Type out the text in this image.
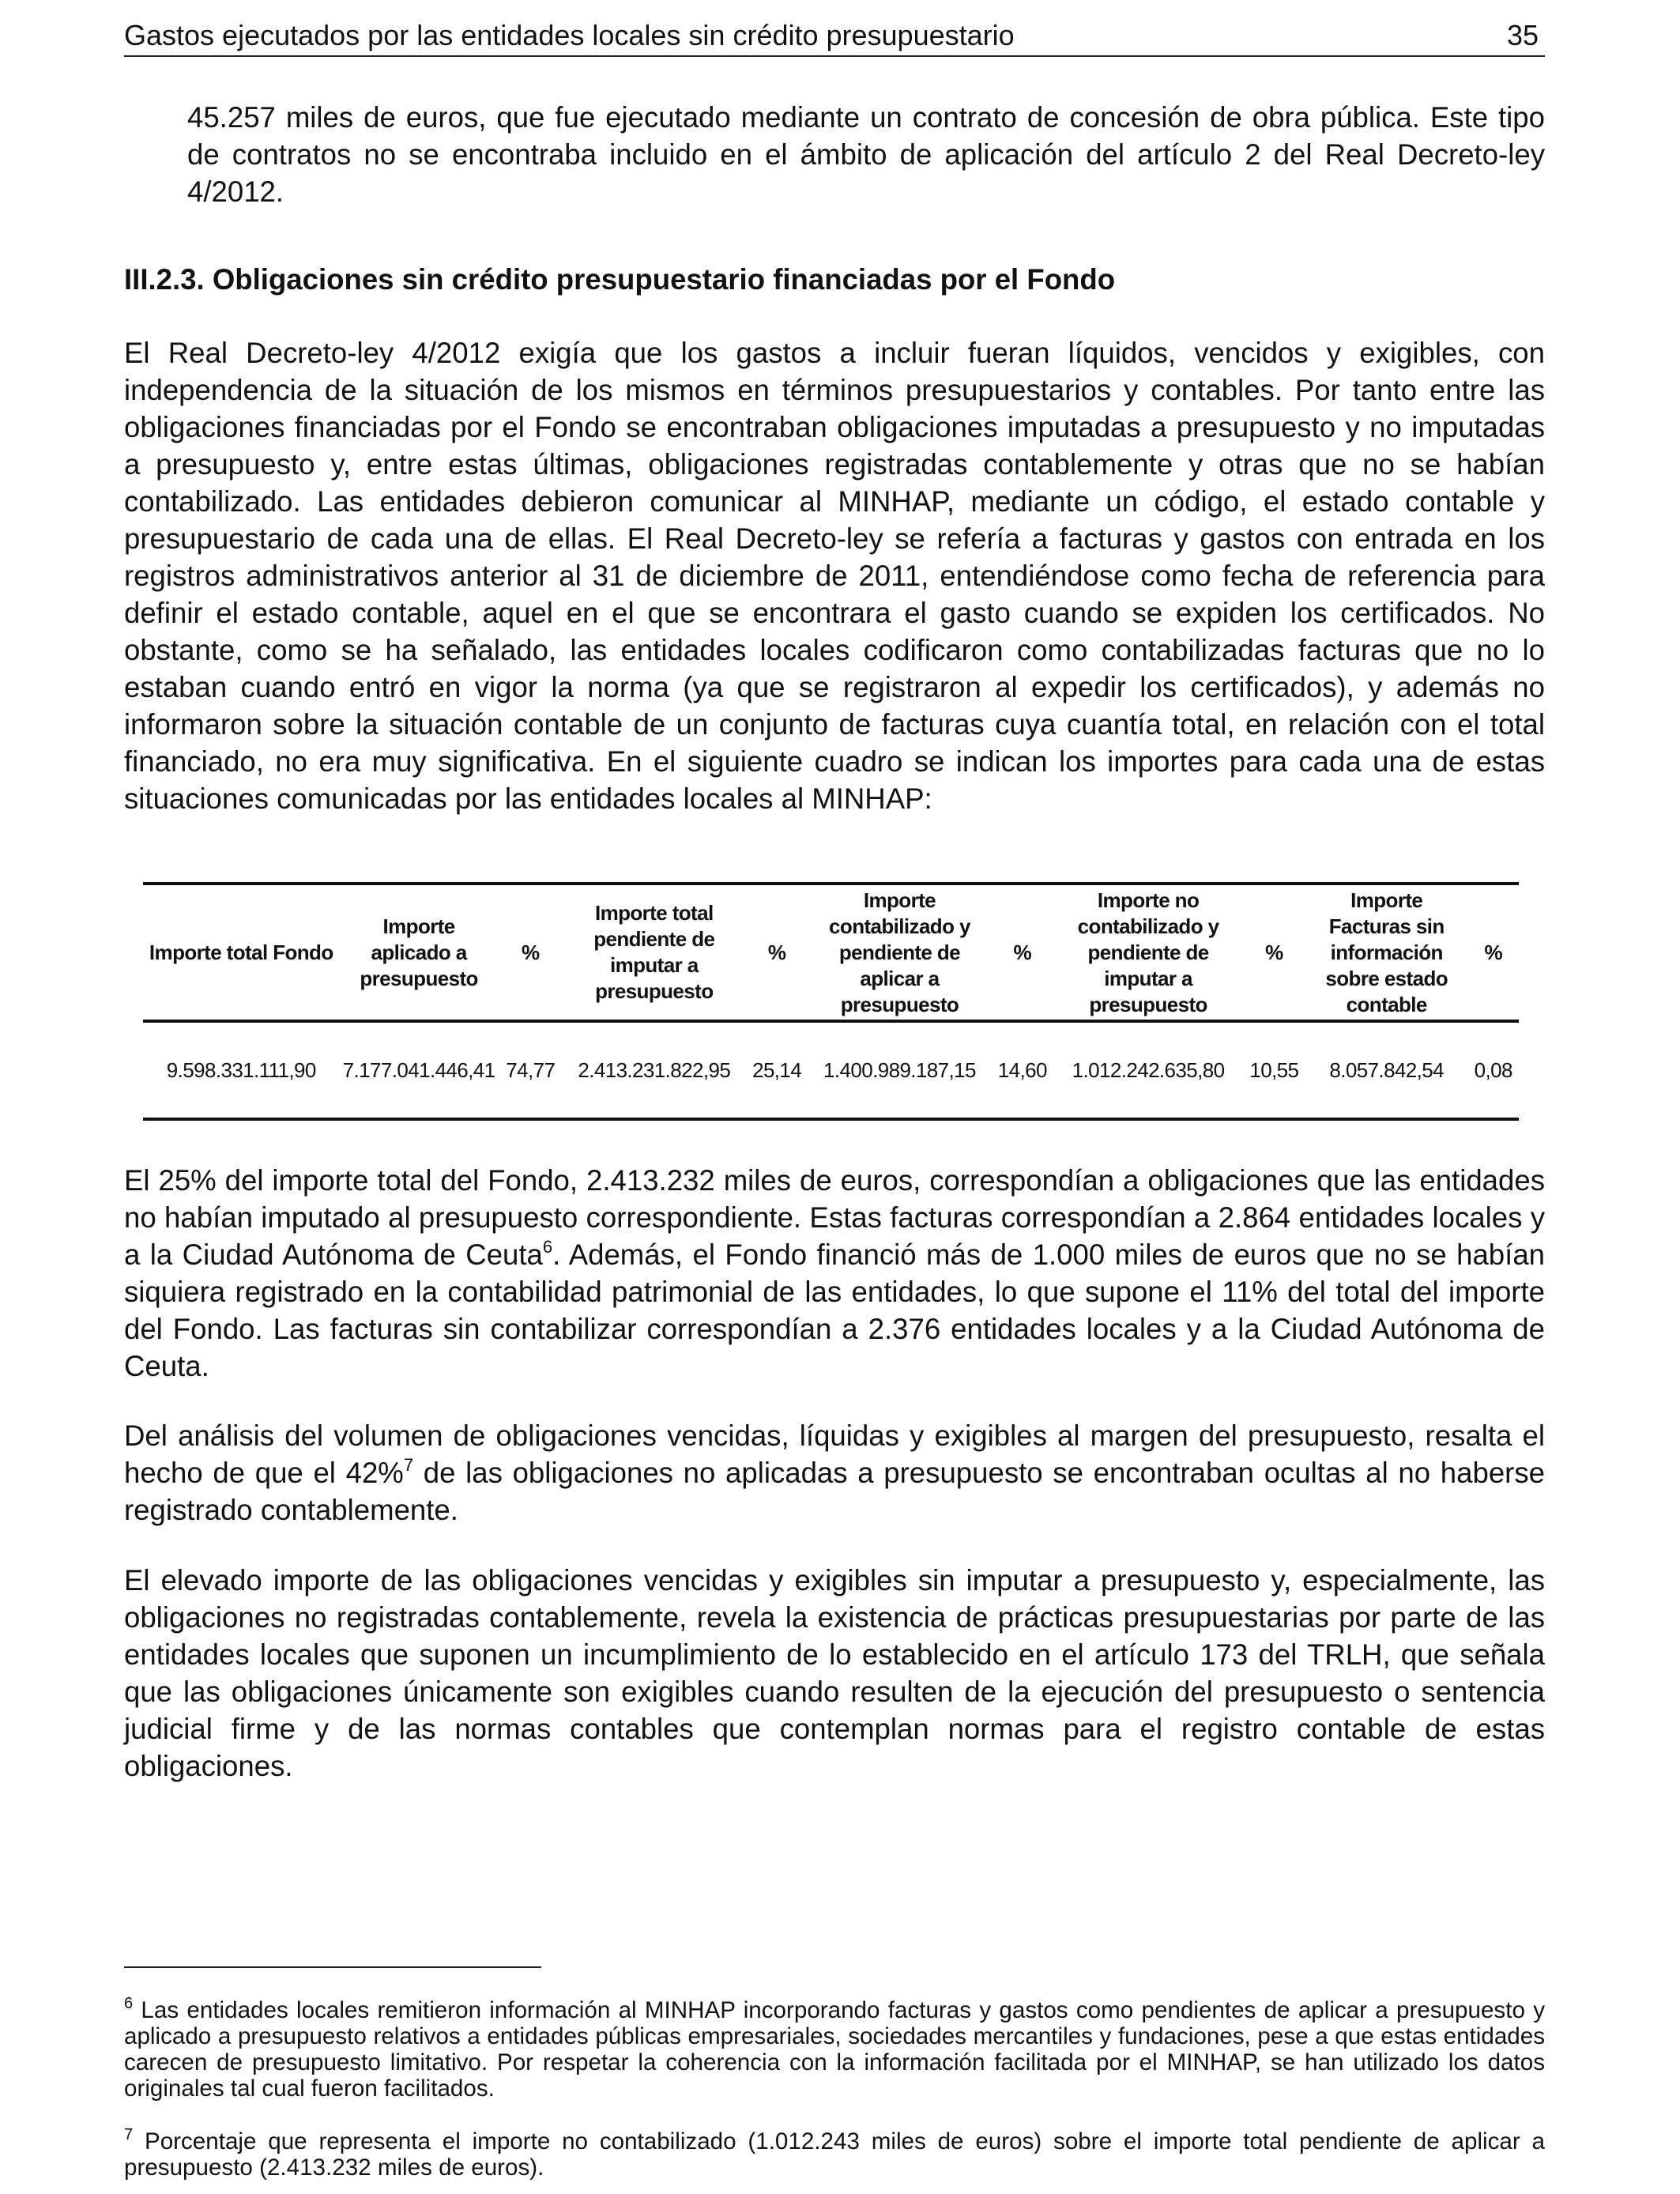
Gastos ejecutados por las entidades locales sin crédito presupuestario	35

45.257 miles de euros, que fue ejecutado mediante un contrato de concesión de obra pública. Este tipo de contratos no se encontraba incluido en el ámbito de aplicación del artículo 2 del Real Decreto-ley 4/2012.

III.2.3. Obligaciones sin crédito presupuestario financiadas por el Fondo

El Real Decreto-ley 4/2012 exigía que los gastos a incluir fueran líquidos, vencidos y exigibles, con independencia de la situación de los mismos en términos presupuestarios y contables. Por tanto entre las obligaciones financiadas por el Fondo se encontraban obligaciones imputadas a presupuesto y no imputadas a presupuesto y, entre estas últimas, obligaciones registradas contablemente y otras que no se habían contabilizado. Las entidades debieron comunicar al MINHAP, mediante un código, el estado contable y presupuestario de cada una de ellas. El Real Decreto-ley se refería a facturas y gastos con entrada en los registros administrativos anterior al 31 de diciembre de 2011, entendiéndose como fecha de referencia para definir el estado contable, aquel en el que se encontrara el gasto cuando se expiden los certificados. No obstante, como se ha señalado, las entidades locales codificaron como contabilizadas facturas que no lo estaban cuando entró en vigor la norma (ya que se registraron al expedir los certificados), y además no informaron sobre la situación contable de un conjunto de facturas cuya cuantía total, en relación con el total financiado, no era muy significativa. En el siguiente cuadro se indican los importes para cada una de estas situaciones comunicadas por las entidades locales al MINHAP:

Importe total Fondo	Importe aplicado a presupuesto	%	Importe total pendiente de imputar a presupuesto	%	Importe contabilizado y pendiente de aplicar a presupuesto	%	Importe no contabilizado y pendiente de imputar a presupuesto	%	Importe Facturas sin información sobre estado contable	%
9.598.331.111,90	7.177.041.446,41	74,77	2.413.231.822,95	25,14	1.400.989.187,15	14,60	1.012.242.635,80	10,55	8.057.842,54	0,08

El 25% del importe total del Fondo, 2.413.232 miles de euros, correspondían a obligaciones que las entidades no habían imputado al presupuesto correspondiente. Estas facturas correspondían a 2.864 entidades locales y a la Ciudad Autónoma de Ceuta$^6$. Además, el Fondo financió más de 1.000 miles de euros que no se habían siquiera registrado en la contabilidad patrimonial de las entidades, lo que supone el 11% del total del importe del Fondo. Las facturas sin contabilizar correspondían a 2.376 entidades locales y a la Ciudad Autónoma de Ceuta.

Del análisis del volumen de obligaciones vencidas, líquidas y exigibles al margen del presupuesto, resalta el hecho de que el 42%$^7$ de las obligaciones no aplicadas a presupuesto se encontraban ocultas al no haberse registrado contablemente.

El elevado importe de las obligaciones vencidas y exigibles sin imputar a presupuesto y, especialmente, las obligaciones no registradas contablemente, revela la existencia de prácticas presupuestarias por parte de las entidades locales que suponen un incumplimiento de lo establecido en el artículo 173 del TRLH, que señala que las obligaciones únicamente son exigibles cuando resulten de la ejecución del presupuesto o sentencia judicial firme y de las normas contables que contemplan normas para el registro contable de estas obligaciones.

$^6$ Las entidades locales remitieron información al MINHAP incorporando facturas y gastos como pendientes de aplicar a presupuesto y aplicado a presupuesto relativos a entidades públicas empresariales, sociedades mercantiles y fundaciones, pese a que estas entidades carecen de presupuesto limitativo. Por respetar la coherencia con la información facilitada por el MINHAP, se han utilizado los datos originales tal cual fueron facilitados.

$^7$ Porcentaje que representa el importe no contabilizado (1.012.243 miles de euros) sobre el importe total pendiente de aplicar a presupuesto (2.413.232 miles de euros).
